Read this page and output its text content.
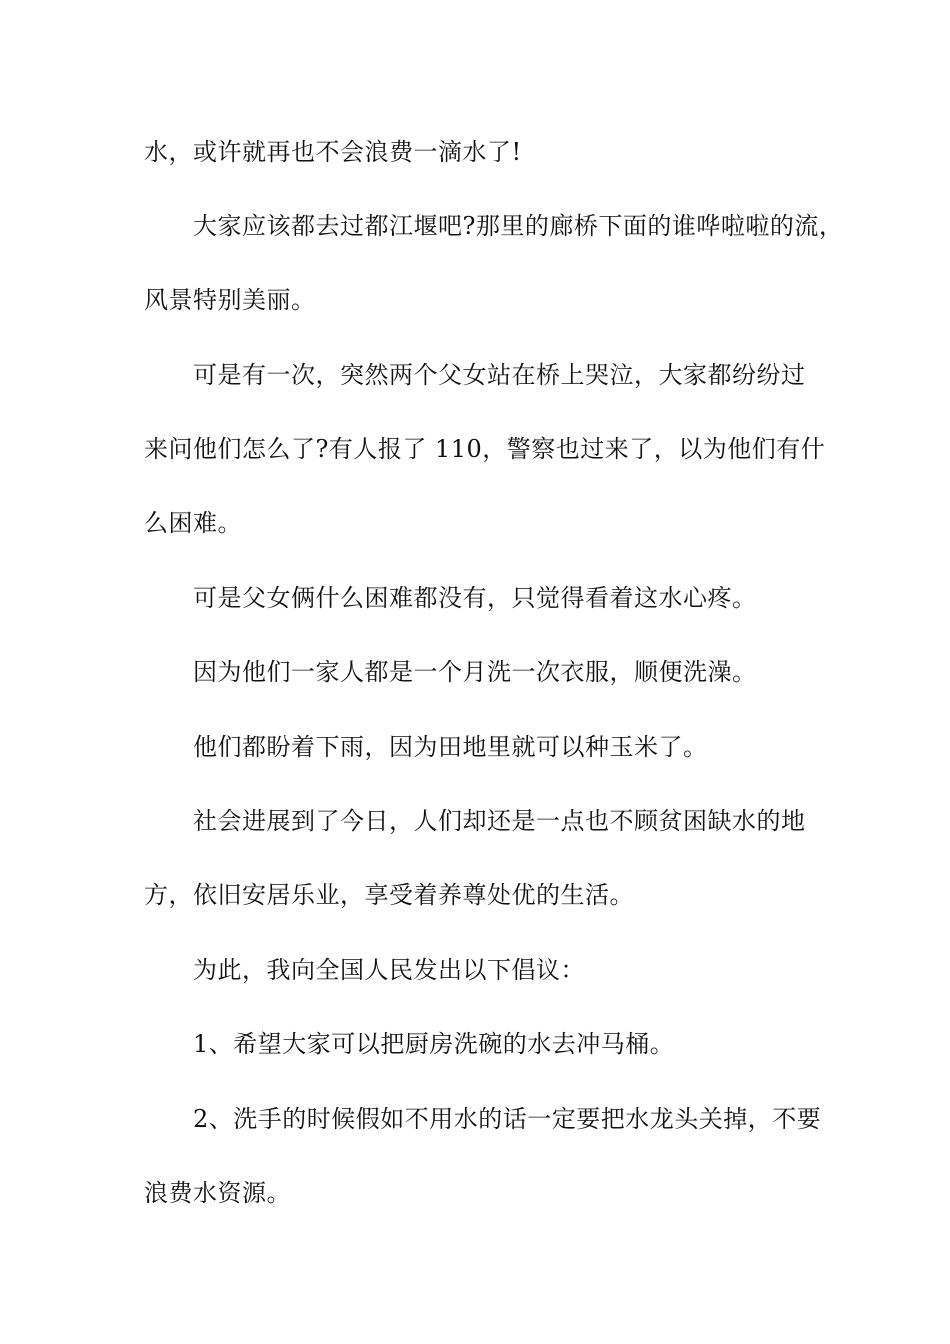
水，或许就再也不会浪费一滴水了!
大家应该都去过都江堰吧?那里的廊桥下面的谁哗啦啦的流，
风景特别美丽。
可是有一次，突然两个父女站在桥上哭泣，大家都纷纷过
来问他们怎么了?有人报了 110，警察也过来了，以为他们有什
么困难。
可是父女俩什么困难都没有，只觉得看着这水心疼。
因为他们一家人都是一个月洗一次衣服，顺便洗澡。
他们都盼着下雨，因为田地里就可以种玉米了。
社会进展到了今日，人们却还是一点也不顾贫困缺水的地
方，依旧安居乐业，享受着养尊处优的生活。
为此，我向全国人民发出以下倡议：
1、希望大家可以把厨房洗碗的水去冲马桶。
2、洗手的时候假如不用水的话一定要把水龙头关掉，不要
浪费水资源。
